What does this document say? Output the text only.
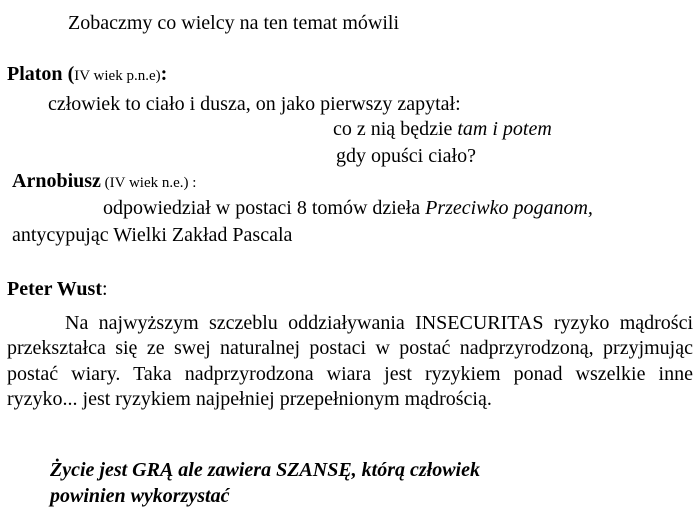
Zobaczmy co wielcy na ten temat mówili
Platon (IV wiek p.n.e):
człowiek to ciało i dusza, on jako pierwszy zapytał:
co z nią będzie tam i potem
gdy opuści ciało?
Arnobiusz (IV wiek n.e.) :
odpowiedział w postaci 8 tomów dzieła Przeciwko poganom,
antycypując Wielki Zakład Pascala
Peter Wust:
Na najwyższym szczeblu oddziaływania INSECURITAS ryzyko mądrości przekształca się ze swej naturalnej postaci w postać nadprzyrodzoną, przyjmując postać wiary. Taka nadprzyrodzona wiara jest ryzykiem ponad wszelkie inne ryzyko... jest ryzykiem najpełniej przepełnionym mądrością.
Życie jest GRĄ ale zawiera SZANSĘ, którą człowiek
powinien wykorzystać
